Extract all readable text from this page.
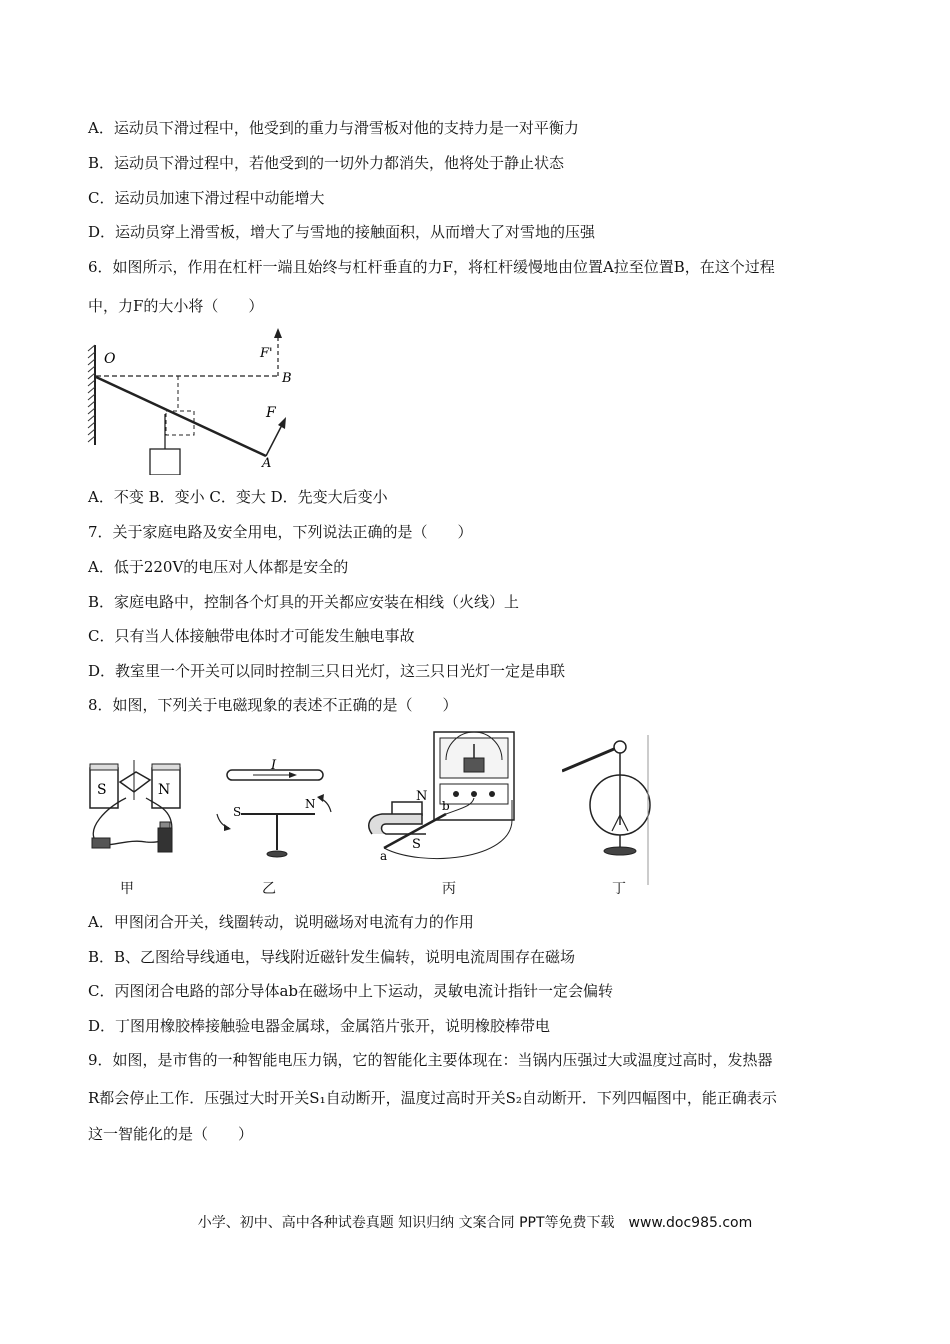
A．运动员下滑过程中，他受到的重力与滑雪板对他的支持力是一对平衡力
B．运动员下滑过程中，若他受到的一切外力都消失，他将处于静止状态
C．运动员加速下滑过程中动能增大
D．运动员穿上滑雪板，增大了与雪地的接触面积，从而增大了对雪地的压强
6．如图所示，作用在杠杆一端且始终与杠杆垂直的力F，将杠杆缓慢地由位置A拉至位置B，在这个过程
中，力F的大小将（　　）
O
B
A
F
F'
A．不变 B．变小 C．变大 D．先变大后变小
7．关于家庭电路及安全用电，下列说法正确的是（　　）
A．低于220V的电压对人体都是安全的
B．家庭电路中，控制各个灯具的开关都应安装在相线（火线）上
C．只有当人体接触带电体时才可能发生触电事故
D．教室里一个开关可以同时控制三只日光灯，这三只日光灯一定是串联
8．如图，下列关于电磁现象的表述不正确的是（　　）
S	N
I
S
N	N
S
a
b
甲	乙	丙	丁
A．甲图闭合开关，线圈转动，说明磁场对电流有力的作用
B．B、乙图给导线通电，导线附近磁针发生偏转，说明电流周围存在磁场
C．丙图闭合电路的部分导体ab在磁场中上下运动，灵敏电流计指针一定会偏转
D．丁图用橡胶棒接触验电器金属球，金属箔片张开，说明橡胶棒带电
9．如图，是市售的一种智能电压力锅，它的智能化主要体现在：当锅内压强过大或温度过高时，发热器
R都会停止工作．压强过大时开关S₁自动断开，温度过高时开关S₂自动断开．下列四幅图中，能正确表示
这一智能化的是（　　）
小学、初中、高中各种试卷真题 知识归纳 文案合同 PPT等免费下载　www.doc985.com
